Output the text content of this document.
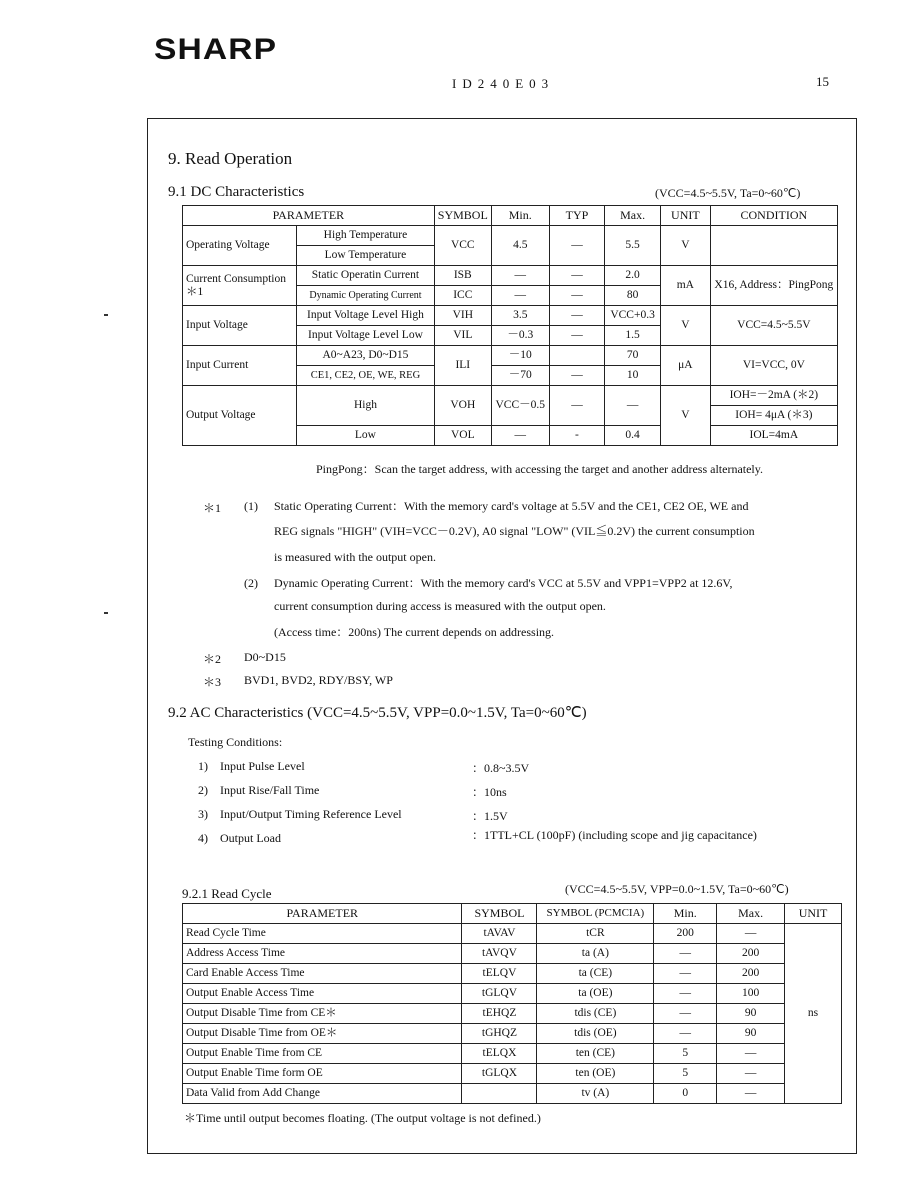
SHARP
ID240E03	15
9. Read Operation
9.1 DC Characteristics	(VCC=4.5~5.5V, Ta=0~60℃)
PARAMETER		SYMBOL	Min.	TYP	Max.	UNIT	CONDITION
Operating Voltage	High Temperature	VCC	4.5	—	5.5	V	
	Low Temperature						
Current Consumption ＊1	Static Operatin Current	ISB	—	—	2.0	mA	X16, Address：PingPong
	Dynamic Operating Current	ICC	—	—	80		
Input Voltage	Input Voltage Level High	VIH	3.5	—	VCC+0.3	V	VCC=4.5~5.5V
	Input Voltage Level Low	VIL	－0.3	—	1.5		
Input Current	A0~A23, D0~D15	ILI	－10		70	μA	VI=VCC, 0V
	CE1, CE2, OE, WE, REG		－70	—	10		
Output Voltage	High	VOH	VCC－0.5	—	—	V	IOH=－2mA (＊2)
							IOH= 4μA (＊3)
	Low	VOL	—	-	0.4		IOL=4mA
PingPong：Scan the target address, with accessing the target and another address alternately.
＊1 (1) Static Operating Current：With the memory card's voltage at 5.5V and the CE1, CE2 OE, WE and
REG signals "HIGH" (VIH=VCC－0.2V), A0 signal "LOW" (VIL≦0.2V) the current consumption
is measured with the output open.
(2) Dynamic Operating Current：With the memory card's VCC at 5.5V and VPP1=VPP2 at 12.6V,
current consumption during access is measured with the output open.
(Access time：200ns) The current depends on addressing.
＊2 D0~D15
＊3 BVD1, BVD2, RDY/BSY, WP
9.2 AC Characteristics (VCC=4.5~5.5V, VPP=0.0~1.5V, Ta=0~60℃)
Testing Conditions:
1) Input Pulse Level	：0.8~3.5V
2) Input Rise/Fall Time	：10ns
3) Input/Output Timing Reference Level	：1.5V
4) Output Load	：1TTL+CL (100pF) (including scope and jig capacitance)
9.2.1 Read Cycle	(VCC=4.5~5.5V, VPP=0.0~1.5V, Ta=0~60℃)
PARAMETER	SYMBOL	SYMBOL (PCMCIA)	Min.	Max.	UNIT
Read Cycle Time	tAVAV	tCR	200	—	ns
Address Access Time	tAVQV	ta (A)	—	200	
Card Enable Access Time	tELQV	ta (CE)	—	200	
Output Enable Access Time	tGLQV	ta (OE)	—	100	
Output Disable Time from CE＊	tEHQZ	tdis (CE)	—	90	
Output Disable Time from OE＊	tGHQZ	tdis (OE)	—	90	
Output Enable Time from CE	tELQX	ten (CE)	5	—	
Output Enable Time form OE	tGLQX	ten (OE)	5	—	
Data Valid from Add Change		tv (A)	0	—	
＊Time until output becomes floating. (The output voltage is not defined.)
